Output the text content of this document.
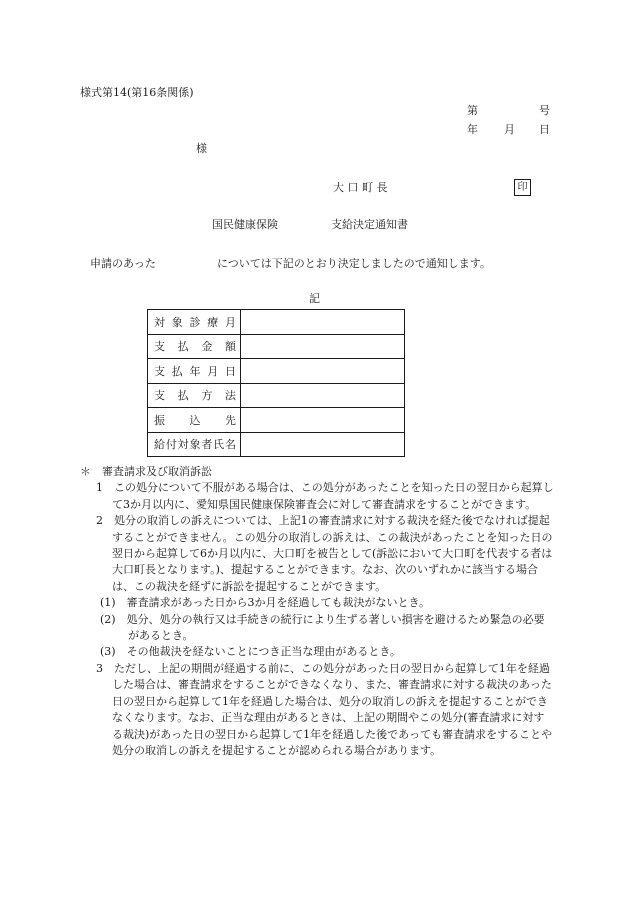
様式第14(第16条関係)
第	号
年 月 日
様
大 口 町 長	印
国民健康保険	支給決定通知書
申請のあった	については下記のとおり決定しましたので通知します。
記
対象診療月	

支払金額	

支払年月日	

支払方法	

振込先	

給付対象者氏名	

＊　審査請求及び取消訴訟

1　この処分について不服がある場合は、この処分があったことを知った日の翌日から起算して3か月以内に、愛知県国民健康保険審査会に対して審査請求をすることができます。

2　処分の取消しの訴えについては、上記1の審査請求に対する裁決を経た後でなければ提起することができません。この処分の取消しの訴えは、この裁決があったことを知った日の翌日から起算して6か月以内に、大口町を被告として(訴訟において大口町を代表する者は大口町長となります。)、提起することができます。なお、次のいずれかに該当する場合は、この裁決を経ずに訴訟を提起することができます。

(1)　審査請求があった日から3か月を経過しても裁決がないとき。

(2)　処分、処分の執行又は手続きの続行により生ずる著しい損害を避けるため緊急の必要があるとき。

(3)　その他裁決を経ないことにつき正当な理由があるとき。

3　ただし、上記の期間が経過する前に、この処分があった日の翌日から起算して1年を経過した場合は、審査請求をすることができなくなり、また、審査請求に対する裁決のあった日の翌日から起算して1年を経過した場合は、処分の取消しの訴えを提起することができなくなります。なお、正当な理由があるときは、上記の期間やこの処分(審査請求に対する裁決)があった日の翌日から起算して1年を経過した後であっても審査請求をすることや処分の取消しの訴えを提起することが認められる場合があります。
